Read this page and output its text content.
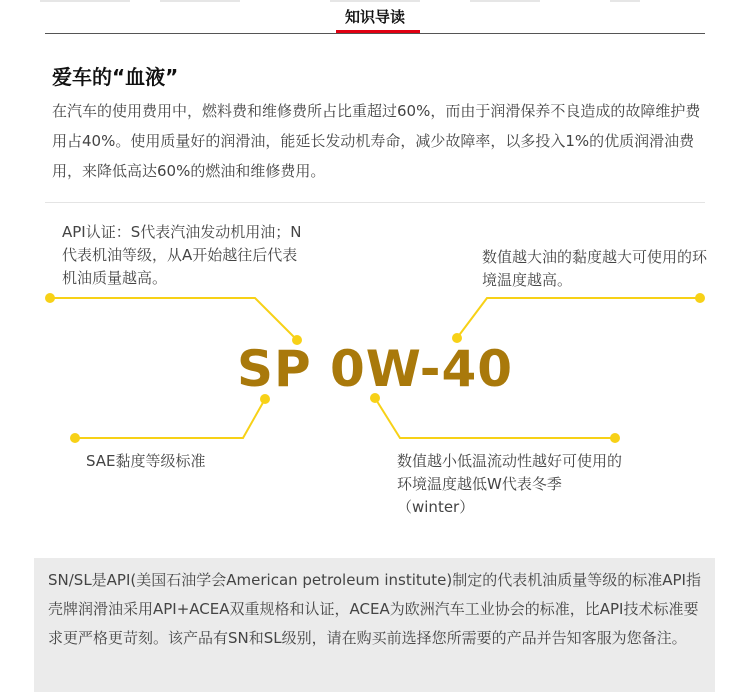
知识导读
爱车的“血液”
在汽车的使用费用中，燃料费和维修费所占比重超过60%，而由于润滑保养不良造成的故障维护费用占40%。使用质量好的润滑油，能延长发动机寿命，减少故障率，以多投入1%的优质润滑油费用，来降低高达60%的燃油和维修费用。
API认证：S代表汽油发动机用油；N代表机油等级，从A开始越往后代表机油质量越高。
数值越大油的黏度越大可使用的环境温度越高。
SAE黏度等级标准	数值越小低温流动性越好可使用的环境温度越低W代表冬季（winter）
SP 0W-40
SN/SL是API(美国石油学会American petroleum institute)制定的代表机油质量等级的标准API指壳牌润滑油采用API+ACEA双重规格和认证，ACEA为欧洲汽车工业协会的标准，比API技术标准要求更严格更苛刻。该产品有SN和SL级别，请在购买前选择您所需要的产品并告知客服为您备注。
